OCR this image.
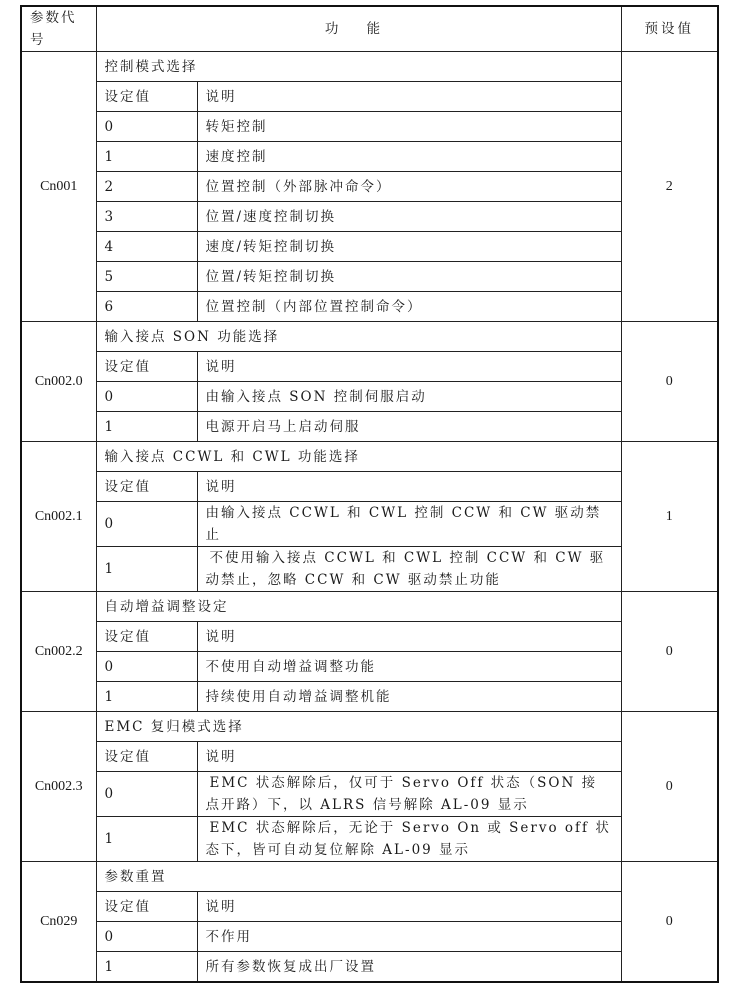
参数代号	功 能		预设值
Cn001	控制模式选择		2
	设定值	说明	
	0	转矩控制	
	1	速度控制	
	2	位置控制（外部脉冲命令）	
	3	位置/速度控制切换	
	4	速度/转矩控制切换	
	5	位置/转矩控制切换	
	6	位置控制（内部位置控制命令）	
Cn002.0	输入接点 SON 功能选择		0
	设定值	说明	
	0	由输入接点 SON 控制伺服启动	
	1	电源开启马上启动伺服	
Cn002.1	输入接点 CCWL 和 CWL 功能选择		1
	设定值	说明	
	0	由输入接点 CCWL 和 CWL 控制 CCW 和 CW 驱动禁止	
	1	不使用输入接点 CCWL 和 CWL 控制 CCW 和 CW 驱动禁止，忽略 CCW 和 CW 驱动禁止功能	
Cn002.2	自动增益调整设定		0
	设定值	说明	
	0	不使用自动增益调整功能	
	1	持续使用自动增益调整机能	
Cn002.3	EMC 复归模式选择		0
	设定值	说明	
	0	EMC 状态解除后，仅可于 Servo Off 状态（SON 接点开路）下，以 ALRS 信号解除 AL-09 显示	
	1	EMC 状态解除后，无论于 Servo On 或 Servo off 状态下，皆可自动复位解除 AL-09 显示	
Cn029	参数重置		0
	设定值	说明	
	0	不作用	
	1	所有参数恢复成出厂设置	
